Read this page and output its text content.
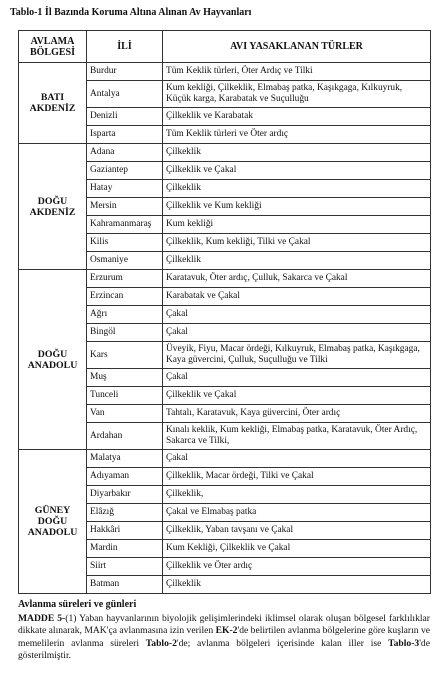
Tablo-1 İl Bazında Koruma Altına Alınan Av Hayvanları
AVLAMA BÖLGESİ	İLİ	AVI YASAKLANAN TÜRLER
BATI AKDENİZ	Burdur	Tüm Keklik türleri, Öter Ardıç ve Tilki
	Antalya	Kum kekliği, Çilkeklik, Elmabaş patka, Kaşıkgaga, Kılkuyruk, Küçük karga, Karabatak ve Suçulluğu
	Denizli	Çilkeklik ve Karabatak
	Isparta	Tüm Keklik türleri ve Öter ardıç
DOĞU AKDENİZ	Adana	Çilkeklik
	Gaziantep	Çilkeklik ve Çakal
	Hatay	Çilkeklik
	Mersin	Çilkeklik ve Kum kekliği
	Kahramanmaraş	Kum kekliği
	Kilis	Çilkeklik, Kum kekliği, Tilki ve Çakal
	Osmaniye	Çilkeklik
DOĞU ANADOLU	Erzurum	Karatavuk, Öter ardıç, Çulluk, Sakarca ve Çakal
	Erzincan	Karabatak ve Çakal
	Ağrı	Çakal
	Bingöl	Çakal
	Kars	Üveyik, Fiyu, Macar ördeği, Kılkuyruk, Elmabaş patka, Kaşıkgaga, Kaya güvercini, Çulluk, Suçulluğu ve Tilki
	Muş	Çakal
	Tunceli	Çilkeklik ve Çakal
	Van	Tahtalı, Karatavuk, Kaya güvercini, Öter ardıç
	Ardahan	Kınalı keklik, Kum kekliği, Elmabaş patka, Karatavuk, Öter Ardıç, Sakarca ve Tilki,
GÜNEY DOĞU ANADOLU	Malatya	Çakal
	Adıyaman	Çilkeklik, Macar ördeği, Tilki ve Çakal
	Diyarbakır	Çilkeklik,
	Elâzığ	Çakal ve Elmabaş patka
	Hakkâri	Çilkeklik, Yaban tavşanı ve Çakal
	Mardin	Kum Kekliği, Çilkeklik ve Çakal
	Siirt	Çilkeklik ve Öter ardıç
	Batman	Çilkeklik
Avlanma süreleri ve günleri

MADDE 5-(1) Yaban hayvanlarının biyolojik gelişimlerindeki iklimsel olarak oluşan bölgesel farklılıklar dikkate alınarak, MAK'ça avlanmasına izin verilen EK-2'de belirtilen avlanma bölgelerine göre kuşların ve memelilerin avlanma süreleri Tablo-2'de; avlanma bölgeleri içerisinde kalan iller ise Tablo-3'de gösterilmiştir.
